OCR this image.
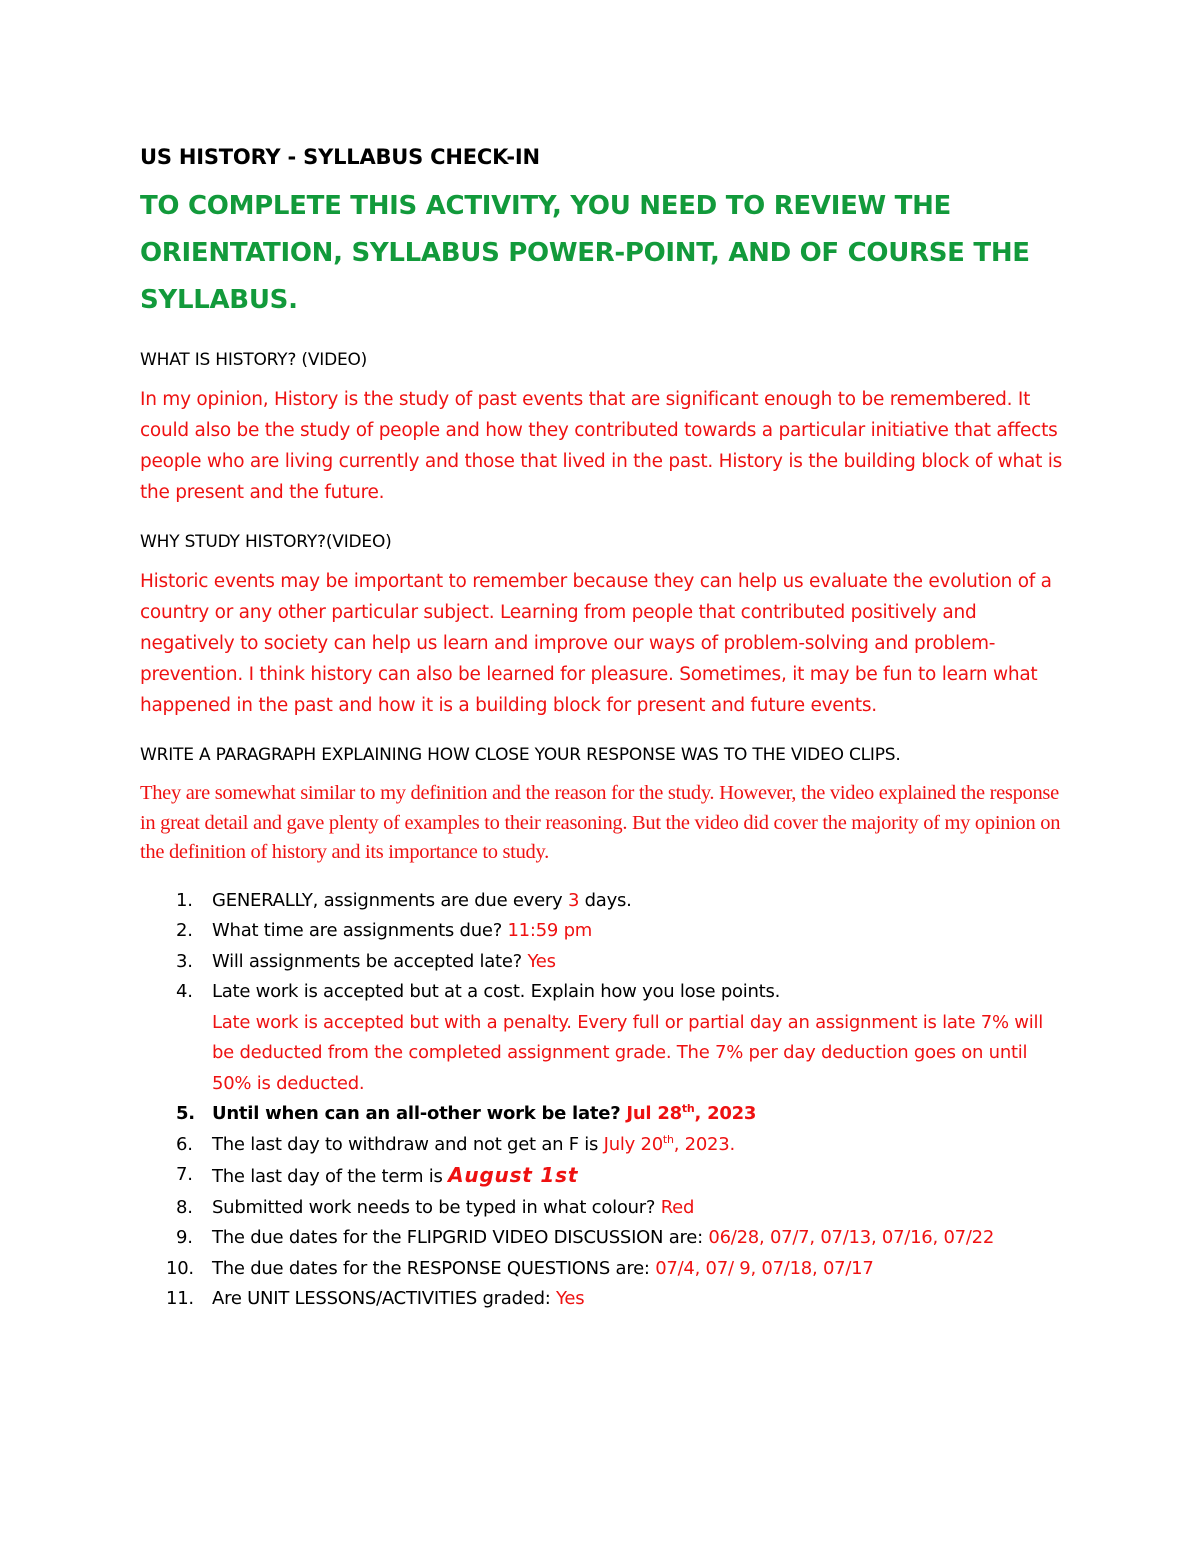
US HISTORY - SYLLABUS CHECK-IN
TO COMPLETE THIS ACTIVITY, YOU NEED TO REVIEW THE ORIENTATION, SYLLABUS POWER-POINT, AND OF COURSE THE SYLLABUS.
WHAT IS HISTORY? (VIDEO)

In my opinion, History is the study of past events that are significant enough to be remembered. It could also be the study of people and how they contributed towards a particular initiative that affects people who are living currently and those that lived in the past. History is the building block of what is the present and the future.

WHY STUDY HISTORY?(VIDEO)

Historic events may be important to remember because they can help us evaluate the evolution of a country or any other particular subject. Learning from people that contributed positively and negatively to society can help us learn and improve our ways of problem-solving and problem-prevention. I think history can also be learned for pleasure. Sometimes, it may be fun to learn what happened in the past and how it is a building block for present and future events.

WRITE A PARAGRAPH EXPLAINING HOW CLOSE YOUR RESPONSE WAS TO THE VIDEO CLIPS.

They are somewhat similar to my definition and the reason for the study. However, the video explained the response in great detail and gave plenty of examples to their reasoning. But the video did cover the majority of my opinion on the definition of history and its importance to study.

1.	GENERALLY, assignments are due every 3 days.
2.	What time are assignments due? 11:59 pm
3.	Will assignments be accepted late? Yes
4.	Late work is accepted but at a cost. Explain how you lose points.
Late work is accepted but with a penalty. Every full or partial day an assignment is late 7% will be deducted from the completed assignment grade. The 7% per day deduction goes on until 50% is deducted.
5. Until when can an all-other work be late? Jul 28th, 2023
6.	The last day to withdraw and not get an F is July 20th, 2023.
7.	The last day of the term is August 1st
8.	Submitted work needs to be typed in what colour? Red
9.	The due dates for the FLIPGRID VIDEO DISCUSSION are: 06/28, 07/7, 07/13, 07/16, 07/22
10. The due dates for the RESPONSE QUESTIONS are: 07/4, 07/ 9, 07/18, 07/17
11. Are UNIT LESSONS/ACTIVITIES graded: Yes
